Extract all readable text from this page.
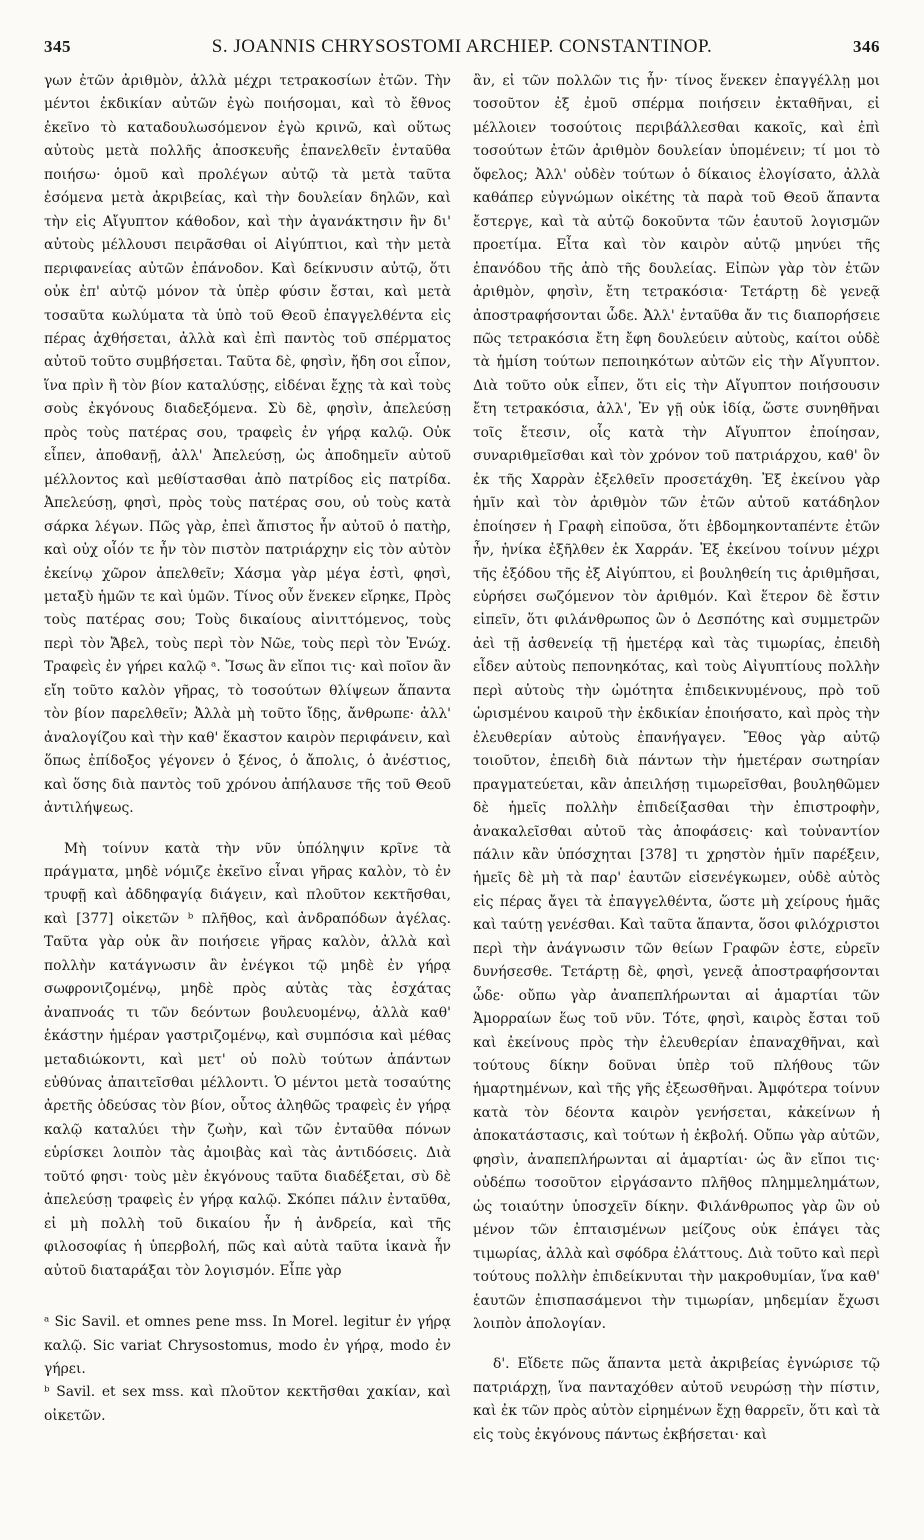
345	S. JOANNIS CHRYSOSTOMI ARCHIEP. CONSTANTINOP.	346

γων ἐτῶν ἀριθμὸν, ἀλλὰ μέχρι τετρακοσίων ἐτῶν. Τὴν μέντοι ἐκδικίαν αὐτῶν ἐγὼ ποιήσομαι, καὶ τὸ ἔθνος ἐκεῖνο τὸ καταδουλωσόμενον ἐγὼ κρινῶ, καὶ οὕτως αὐτοὺς μετὰ πολλῆς ἀποσκευῆς ἐπανελθεῖν ἐνταῦθα ποιήσω· ὁμοῦ καὶ προλέγων αὐτῷ τὰ μετὰ ταῦτα ἐσόμενα μετὰ ἀκριβείας, καὶ τὴν δουλείαν δηλῶν, καὶ τὴν εἰς Αἴγυπτον κάθοδον, καὶ τὴν ἀγανάκτησιν ἣν δι' αὐτοὺς μέλλουσι πειρᾶσθαι οἱ Αἰγύπτιοι, καὶ τὴν μετὰ περιφανείας αὐτῶν ἐπάνοδον. Καὶ δείκνυσιν αὐτῷ, ὅτι οὐκ ἐπ' αὐτῷ μόνον τὰ ὑπὲρ φύσιν ἔσται, καὶ μετὰ τοσαῦτα κωλύματα τὰ ὑπὸ τοῦ Θεοῦ ἐπαγγελθέντα εἰς πέρας ἀχθήσεται, ἀλλὰ καὶ ἐπὶ παντὸς τοῦ σπέρματος αὐτοῦ τοῦτο συμβήσεται. Ταῦτα δὲ, φησὶν, ἤδη σοι εἶπον, ἵνα πρὶν ἢ τὸν βίον καταλύσῃς, εἰδέναι ἔχῃς τὰ καὶ τοὺς σοὺς ἐκγόνους διαδεξόμενα. Σὺ δὲ, φησὶν, ἀπελεύσῃ πρὸς τοὺς πατέρας σου, τραφεὶς ἐν γήρᾳ καλῷ. Οὐκ εἶπεν, ἀποθανῇ, ἀλλ' Ἀπελεύσῃ, ὡς ἀποδημεῖν αὐτοῦ μέλλοντος καὶ μεθίστασθαι ἀπὸ πατρίδος εἰς πατρίδα. Ἀπελεύσῃ, φησὶ, πρὸς τοὺς πατέρας σου, οὐ τοὺς κατὰ σάρκα λέγων. Πῶς γὰρ, ἐπεὶ ἄπιστος ἦν αὐτοῦ ὁ πατὴρ, καὶ οὐχ οἷόν τε ἦν τὸν πιστὸν πατριάρχην εἰς τὸν αὐτὸν ἐκείνῳ χῶρον ἀπελθεῖν; Χάσμα γὰρ μέγα ἐστὶ, φησὶ, μεταξὺ ἡμῶν τε καὶ ὑμῶν. Τίνος οὖν ἕνεκεν εἴρηκε, Πρὸς τοὺς πατέρας σου; Τοὺς δικαίους αἰνιττόμενος, τοὺς περὶ τὸν Ἄβελ, τοὺς περὶ τὸν Νῶε, τοὺς περὶ τὸν Ἐνώχ. Τραφεὶς ἐν γήρει καλῷ ᵃ. Ἴσως ἂν εἴποι τις· καὶ ποῖον ἂν εἴη τοῦτο καλὸν γῆρας, τὸ τοσούτων θλίψεων ἅπαντα τὸν βίον παρελθεῖν; Ἀλλὰ μὴ τοῦτο ἴδῃς, ἄνθρωπε· ἀλλ' ἀναλογίζου καὶ τὴν καθ' ἕκαστον καιρὸν περιφάνειν, καὶ ὅπως ἐπίδοξος γέγονεν ὁ ξένος, ὁ ἄπολις, ὁ ἀνέστιος, καὶ ὅσης διὰ παντὸς τοῦ χρόνου ἀπήλαυσε τῆς τοῦ Θεοῦ ἀντιλήψεως.

Μὴ τοίνυν κατὰ τὴν νῦν ὑπόληψιν κρῖνε τὰ πράγματα, μηδὲ νόμιζε ἐκεῖνο εἶναι γῆρας καλὸν, τὸ ἐν τρυφῇ καὶ ἀδδηφαγίᾳ διάγειν, καὶ πλοῦτον κεκτῆσθαι, καὶ [377] οἰκετῶν ᵇ πλῆθος, καὶ ἀνδραπόδων ἀγέλας. Ταῦτα γὰρ οὐκ ἂν ποιήσειε γῆρας καλὸν, ἀλλὰ καὶ πολλὴν κατάγνωσιν ἂν ἐνέγκοι τῷ μηδὲ ἐν γήρᾳ σωφρονιζομένῳ, μηδὲ πρὸς αὐτὰς τὰς ἐσχάτας ἀναπνοάς τι τῶν δεόντων βουλευομένῳ, ἀλλὰ καθ' ἑκάστην ἡμέραν γαστριζομένῳ, καὶ συμπόσια καὶ μέθας μεταδιώκοντι, καὶ μετ' οὐ πολὺ τούτων ἁπάντων εὐθύνας ἀπαιτεῖσθαι μέλλοντι. Ὁ μέντοι μετὰ τοσαύτης ἀρετῆς ὁδεύσας τὸν βίον, οὗτος ἀληθῶς τραφεὶς ἐν γήρᾳ καλῷ καταλύει τὴν ζωὴν, καὶ τῶν ἐνταῦθα πόνων εὑρίσκει λοιπὸν τὰς ἀμοιβὰς καὶ τὰς ἀντιδόσεις. Διὰ τοῦτό φησι· τοὺς μὲν ἐκγόνους ταῦτα διαδέξεται, σὺ δὲ ἀπελεύσῃ τραφεὶς ἐν γήρᾳ καλῷ. Σκόπει πάλιν ἐνταῦθα, εἰ μὴ πολλὴ τοῦ δικαίου ἦν ἡ ἀνδρεία, καὶ τῆς φιλοσοφίας ἡ ὑπερβολή, πῶς καὶ αὐτὰ ταῦτα ἱκανὰ ἦν αὐτοῦ διαταράξαι τὸν λογισμόν. Εἶπε γὰρ

ᵃ Sic Savil. et omnes pene mss. In Morel. legitur ἐν γήρᾳ καλῷ. Sic variat Chrysostomus, modo ἐν γήρᾳ, modo ἐν γήρει.

ᵇ Savil. et sex mss. καὶ πλοῦτον κεκτῆσθαι χακίαν, καὶ οἰκετῶν.

ἂν, εἰ τῶν πολλῶν τις ἦν· τίνος ἕνεκεν ἐπαγγέλλῃ μοι τοσοῦτον ἐξ ἐμοῦ σπέρμα ποιήσειν ἐκταθῆναι, εἰ μέλλοιεν τοσούτοις περιβάλλεσθαι κακοῖς, καὶ ἐπὶ τοσούτων ἐτῶν ἀριθμὸν δουλείαν ὑπομένειν; τί μοι τὸ ὄφελος; Ἀλλ' οὐδὲν τούτων ὁ δίκαιος ἐλογίσατο, ἀλλὰ καθάπερ εὐγνώμων οἰκέτης τὰ παρὰ τοῦ Θεοῦ ἅπαντα ἔστεργε, καὶ τὰ αὐτῷ δοκοῦντα τῶν ἑαυτοῦ λογισμῶν προετίμα. Εἶτα καὶ τὸν καιρὸν αὐτῷ μηνύει τῆς ἐπανόδου τῆς ἀπὸ τῆς δουλείας. Εἰπὼν γὰρ τὸν ἐτῶν ἀριθμὸν, φησὶν, ἔτη τετρακόσια· Τετάρτῃ δὲ γενεᾷ ἀποστραφήσονται ὧδε. Ἀλλ' ἐνταῦθα ἄν τις διαπορήσειε πῶς τετρακόσια ἔτη ἔφη δουλεύειν αὐτοὺς, καίτοι οὐδὲ τὰ ἡμίση τούτων πεποιηκότων αὐτῶν εἰς τὴν Αἴγυπτον. Διὰ τοῦτο οὐκ εἶπεν, ὅτι εἰς τὴν Αἴγυπτον ποιήσουσιν ἔτη τετρακόσια, ἀλλ', Ἐν γῇ οὐκ ἰδίᾳ, ὥστε συνηθῆναι τοῖς ἔτεσιν, οἷς κατὰ τὴν Αἴγυπτον ἐποίησαν, συναριθμεῖσθαι καὶ τὸν χρόνον τοῦ πατριάρχου, καθ' ὃν ἐκ τῆς Χαρρὰν ἐξελθεῖν προσετάχθη. Ἐξ ἐκείνου γὰρ ἡμῖν καὶ τὸν ἀριθμὸν τῶν ἐτῶν αὐτοῦ κατάδηλον ἐποίησεν ἡ Γραφὴ εἰποῦσα, ὅτι ἑβδομηκονταπέντε ἐτῶν ἦν, ἡνίκα ἐξῆλθεν ἐκ Χαρράν. Ἐξ ἐκείνου τοίνυν μέχρι τῆς ἐξόδου τῆς ἐξ Αἰγύπτου, εἰ βουληθείη τις ἀριθμῆσαι, εὑρήσει σωζόμενον τὸν ἀριθμόν. Καὶ ἕτερον δὲ ἔστιν εἰπεῖν, ὅτι φιλάνθρωπος ὢν ὁ Δεσπότης καὶ συμμετρῶν ἀεὶ τῇ ἀσθενείᾳ τῇ ἡμετέρᾳ καὶ τὰς τιμωρίας, ἐπειδὴ εἶδεν αὐτοὺς πεπονηκότας, καὶ τοὺς Αἰγυπτίους πολλὴν περὶ αὐτοὺς τὴν ὠμότητα ἐπιδεικνυμένους, πρὸ τοῦ ὡρισμένου καιροῦ τὴν ἐκδικίαν ἐποιήσατο, καὶ πρὸς τὴν ἐλευθερίαν αὐτοὺς ἐπανήγαγεν. Ἔθος γὰρ αὐτῷ τοιοῦτον, ἐπειδὴ διὰ πάντων τὴν ἡμετέραν σωτηρίαν πραγματεύεται, κἂν ἀπειλήσῃ τιμωρεῖσθαι, βουληθῶμεν δὲ ἡμεῖς πολλὴν ἐπιδείξασθαι τὴν ἐπιστροφὴν, ἀνακαλεῖσθαι αὐτοῦ τὰς ἀποφάσεις· καὶ τοὐναντίον πάλιν κἂν ὑπόσχηται [378] τι χρηστὸν ἡμῖν παρέξειν, ἡμεῖς δὲ μὴ τὰ παρ' ἑαυτῶν εἰσενέγκωμεν, οὐδὲ αὐτὸς εἰς πέρας ἄγει τὰ ἐπαγγελθέντα, ὥστε μὴ χείρους ἡμᾶς καὶ ταύτῃ γενέσθαι. Καὶ ταῦτα ἅπαντα, ὅσοι φιλόχριστοι περὶ τὴν ἀνάγνωσιν τῶν θείων Γραφῶν ἐστε, εὑρεῖν δυνήσεσθε. Τετάρτῃ δὲ, φησὶ, γενεᾷ ἀποστραφήσονται ὧδε· οὔπω γὰρ ἀναπεπλήρωνται αἱ ἁμαρτίαι τῶν Ἀμορραίων ἕως τοῦ νῦν. Τότε, φησὶ, καιρὸς ἔσται τοῦ καὶ ἐκείνους πρὸς τὴν ἐλευθερίαν ἐπαναχθῆναι, καὶ τούτους δίκην δοῦναι ὑπὲρ τοῦ πλήθους τῶν ἡμαρτημένων, καὶ τῆς γῆς ἐξεωσθῆναι. Ἀμφότερα τοίνυν κατὰ τὸν δέοντα καιρὸν γενήσεται, κἀκείνων ἡ ἀποκατάστασις, καὶ τούτων ἡ ἐκβολή. Οὔπω γὰρ αὐτῶν, φησὶν, ἀναπεπλήρωνται αἱ ἁμαρτίαι· ὡς ἂν εἴποι τις· οὐδέπω τοσοῦτον εἰργάσαντο πλῆθος πλημμελημάτων, ὡς τοιαύτην ὑποσχεῖν δίκην. Φιλάνθρωπος γὰρ ὢν οὐ μένον τῶν ἐπταισμένων μείζους οὐκ ἐπάγει τὰς τιμωρίας, ἀλλὰ καὶ σφόδρα ἐλάττους. Διὰ τοῦτο καὶ περὶ τούτους πολλὴν ἐπιδείκνυται τὴν μακροθυμίαν, ἵνα καθ' ἑαυτῶν ἐπισπασάμενοι τὴν τιμωρίαν, μηδεμίαν ἔχωσι λοιπὸν ἀπολογίαν.

δ'. Εἴδετε πῶς ἅπαντα μετὰ ἀκριβείας ἐγνώρισε τῷ πατριάρχῃ, ἵνα πανταχόθεν αὐτοῦ νευρώσῃ τὴν πίστιν, καὶ ἐκ τῶν πρὸς αὐτὸν εἰρημένων ἔχῃ θαρρεῖν, ὅτι καὶ τὰ εἰς τοὺς ἐκγόνους πάντως ἐκβήσεται· καὶ
